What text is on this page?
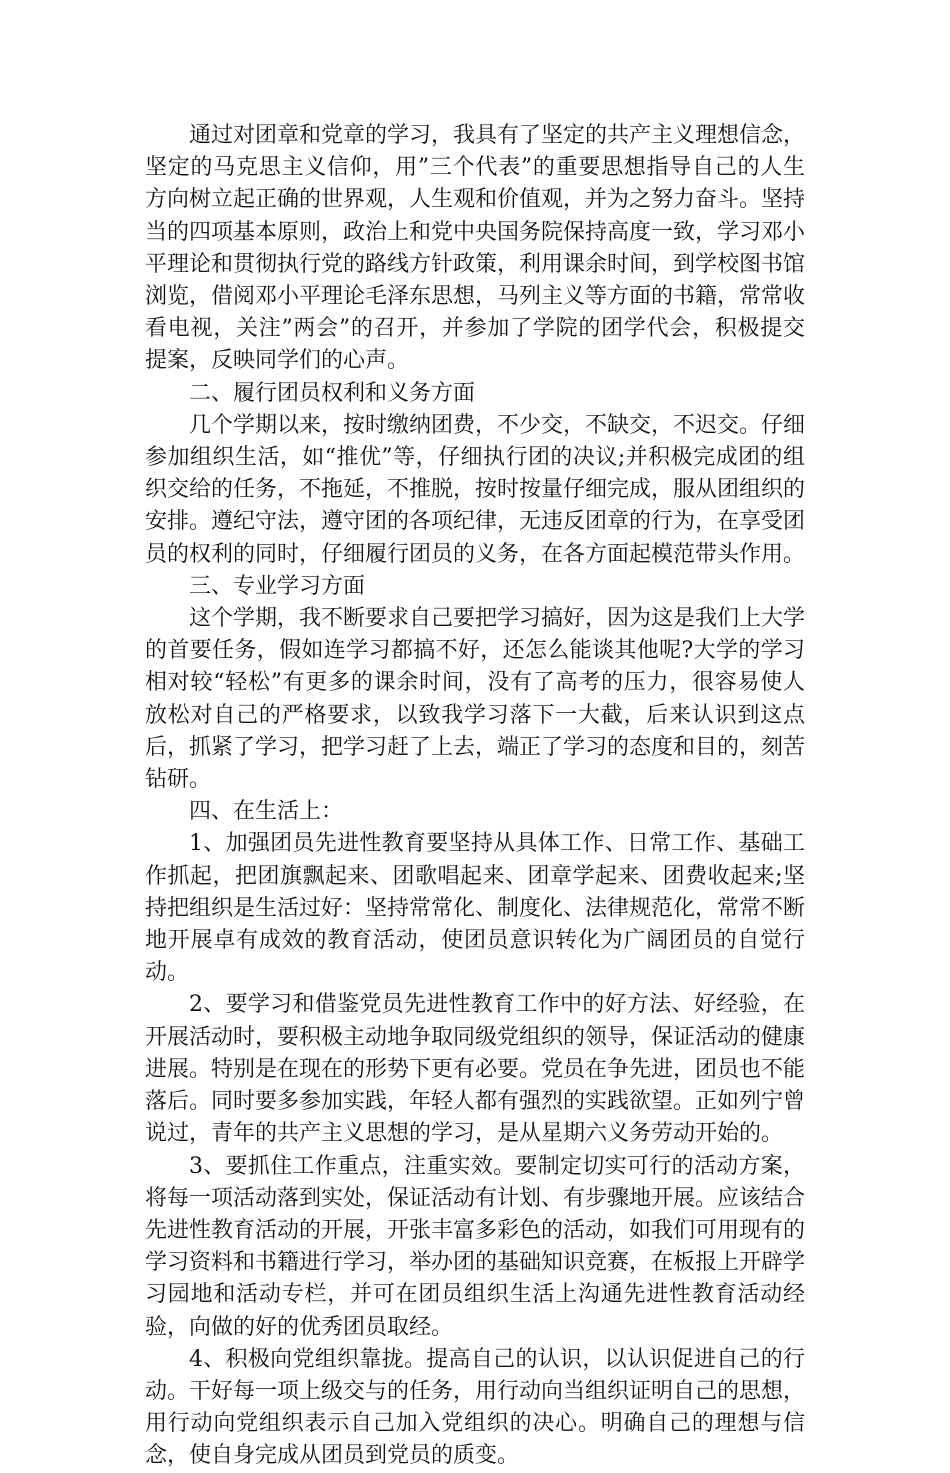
通过对团章和党章的学习，我具有了坚定的共产主义理想信念，坚定的马克思主义信仰，用”三个代表”的重要思想指导自己的人生方向树立起正确的世界观，人生观和价值观，并为之努力奋斗。坚持当的四项基本原则，政治上和党中央国务院保持高度一致，学习邓小平理论和贯彻执行党的路线方针政策，利用课余时间，到学校图书馆浏览，借阅邓小平理论毛泽东思想，马列主义等方面的书籍，常常收看电视，关注”两会”的召开，并参加了学院的团学代会，积极提交提案，反映同学们的心声。

二、履行团员权利和义务方面

几个学期以来，按时缴纳团费，不少交，不缺交，不迟交。仔细参加组织生活，如“推优”等，仔细执行团的决议;并积极完成团的组织交给的任务，不拖延，不推脱，按时按量仔细完成，服从团组织的安排。遵纪守法，遵守团的各项纪律，无违反团章的行为，在享受团员的权利的同时，仔细履行团员的义务，在各方面起模范带头作用。

三、专业学习方面

这个学期，我不断要求自己要把学习搞好，因为这是我们上大学的首要任务，假如连学习都搞不好，还怎么能谈其他呢?大学的学习相对较“轻松”有更多的课余时间，没有了高考的压力，很容易使人放松对自己的严格要求，以致我学习落下一大截，后来认识到这点后，抓紧了学习，把学习赶了上去，端正了学习的态度和目的，刻苦钻研。

四、在生活上：

1、加强团员先进性教育要坚持从具体工作、日常工作、基础工作抓起，把团旗飘起来、团歌唱起来、团章学起来、团费收起来;坚持把组织是生活过好：坚持常常化、制度化、法律规范化，常常不断地开展卓有成效的教育活动，使团员意识转化为广阔团员的自觉行动。

2、要学习和借鉴党员先进性教育工作中的好方法、好经验，在开展活动时，要积极主动地争取同级党组织的领导，保证活动的健康进展。特别是在现在的形势下更有必要。党员在争先进，团员也不能落后。同时要多参加实践，年轻人都有强烈的实践欲望。正如列宁曾说过，青年的共产主义思想的学习，是从星期六义务劳动开始的。

3、要抓住工作重点，注重实效。要制定切实可行的活动方案，将每一项活动落到实处，保证活动有计划、有步骤地开展。应该结合先进性教育活动的开展，开张丰富多彩色的活动，如我们可用现有的学习资料和书籍进行学习，举办团的基础知识竞赛，在板报上开辟学习园地和活动专栏，并可在团员组织生活上沟通先进性教育活动经验，向做的好的优秀团员取经。

4、积极向党组织靠拢。提高自己的认识，以认识促进自己的行动。干好每一项上级交与的任务，用行动向当组织证明自己的思想，用行动向党组织表示自己加入党组织的决心。明确自己的理想与信念，使自身完成从团员到党员的质变。
